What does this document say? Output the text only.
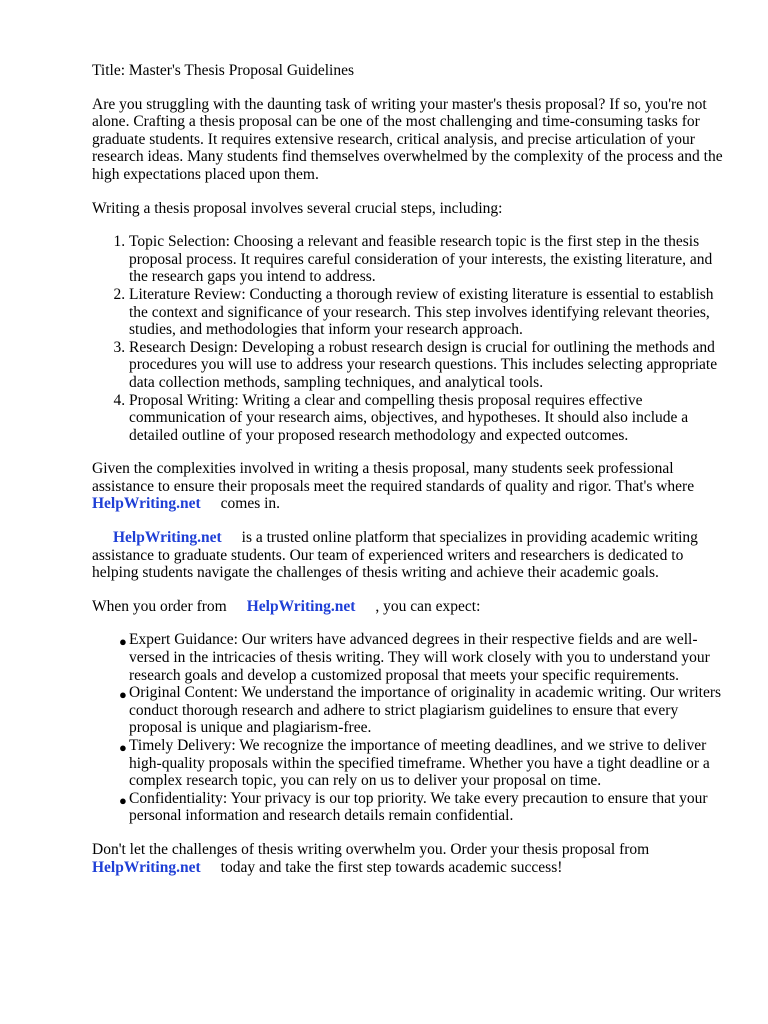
Title: Master's Thesis Proposal Guidelines

Are you struggling with the daunting task of writing your master's thesis proposal? If so, you're not alone. Crafting a thesis proposal can be one of the most challenging and time-consuming tasks for graduate students. It requires extensive research, critical analysis, and precise articulation of your research ideas. Many students find themselves overwhelmed by the complexity of the process and the high expectations placed upon them.

Writing a thesis proposal involves several crucial steps, including:

1. Topic Selection: Choosing a relevant and feasible research topic is the first step in the thesis proposal process. It requires careful consideration of your interests, the existing literature, and the research gaps you intend to address.
2. Literature Review: Conducting a thorough review of existing literature is essential to establish the context and significance of your research. This step involves identifying relevant theories, studies, and methodologies that inform your research approach.
3. Research Design: Developing a robust research design is crucial for outlining the methods and procedures you will use to address your research questions. This includes selecting appropriate data collection methods, sampling techniques, and analytical tools.
4. Proposal Writing: Writing a clear and compelling thesis proposal requires effective communication of your research aims, objectives, and hypotheses. It should also include a detailed outline of your proposed research methodology and expected outcomes.

Given the complexities involved in writing a thesis proposal, many students seek professional assistance to ensure their proposals meet the required standards of quality and rigor. That's where
HelpWriting.net comes in.

HelpWriting.net is a trusted online platform that specializes in providing academic writing assistance to graduate students. Our team of experienced writers and researchers is dedicated to helping students navigate the challenges of thesis writing and achieve their academic goals.

When you order from HelpWriting.net , you can expect:

● Expert Guidance: Our writers have advanced degrees in their respective fields and are well-versed in the intricacies of thesis writing. They will work closely with you to understand your research goals and develop a customized proposal that meets your specific requirements.
● Original Content: We understand the importance of originality in academic writing. Our writers conduct thorough research and adhere to strict plagiarism guidelines to ensure that every proposal is unique and plagiarism-free.
● Timely Delivery: We recognize the importance of meeting deadlines, and we strive to deliver high-quality proposals within the specified timeframe. Whether you have a tight deadline or a complex research topic, you can rely on us to deliver your proposal on time.
● Confidentiality: Your privacy is our top priority. We take every precaution to ensure that your personal information and research details remain confidential.

Don't let the challenges of thesis writing overwhelm you. Order your thesis proposal from
HelpWriting.net today and take the first step towards academic success!
